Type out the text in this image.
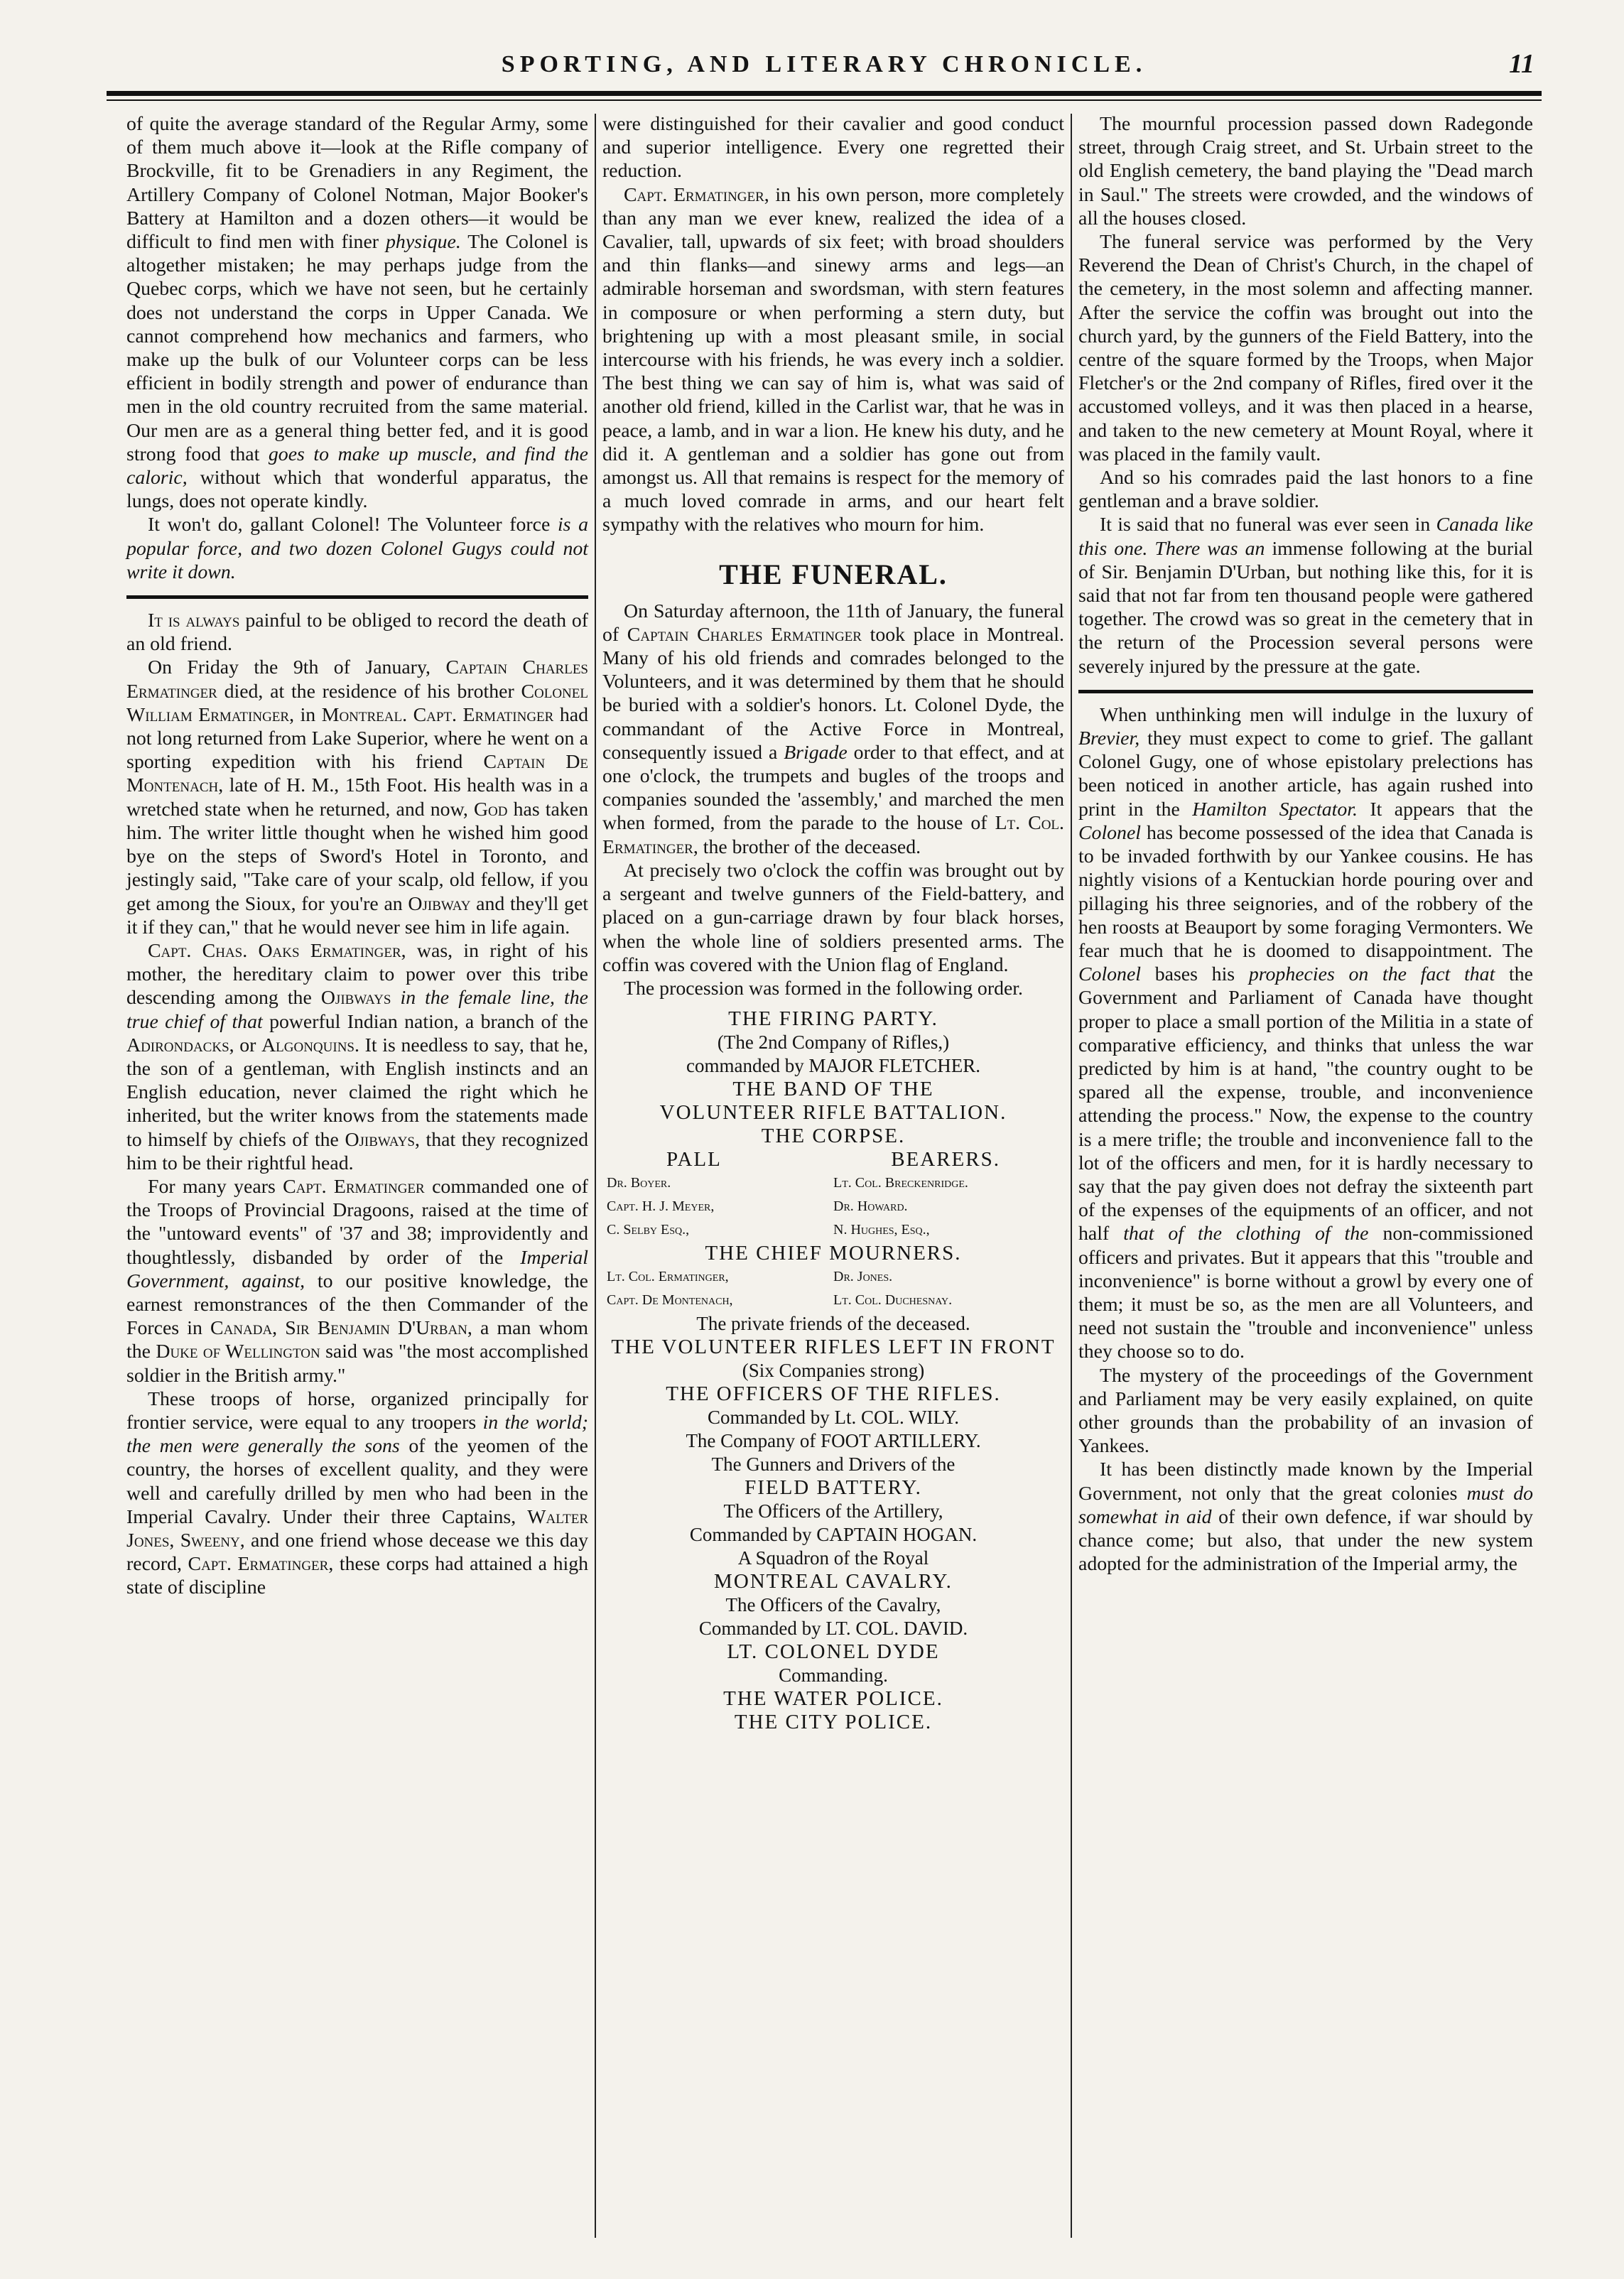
SPORTING, AND LITERARY CHRONICLE.	11

of quite the average standard of the Regular Army, some of them much above it—look at the Rifle company of Brockville, fit to be Grenadiers in any Regiment, the Artillery Company of Colonel Notman, Major Booker's Battery at Hamilton and a dozen others—it would be difficult to find men with finer physique. The Colonel is altogether mistaken; he may perhaps judge from the Quebec corps, which we have not seen, but he certainly does not understand the corps in Upper Canada. We cannot comprehend how mechanics and farmers, who make up the bulk of our Volunteer corps can be less efficient in bodily strength and power of endurance than men in the old country recruited from the same material. Our men are as a general thing better fed, and it is good strong food that goes to make up muscle, and find the caloric, without which that wonderful apparatus, the lungs, does not operate kindly.

It won't do, gallant Colonel! The Volunteer force is a popular force, and two dozen Colonel Gugys could not write it down.

It is always painful to be obliged to record the death of an old friend.

On Friday the 9th of January, Captain Charles Ermatinger died, at the residence of his brother Colonel William Ermatinger, in Montreal. Capt. Ermatinger had not long returned from Lake Superior, where he went on a sporting expedition with his friend Captain De Montenach, late of H. M., 15th Foot. His health was in a wretched state when he returned, and now, God has taken him. The writer little thought when he wished him good bye on the steps of Sword's Hotel in Toronto, and jestingly said, "Take care of your scalp, old fellow, if you get among the Sioux, for you're an Ojibway and they'll get it if they can," that he would never see him in life again.

Capt. Chas. Oaks Ermatinger, was, in right of his mother, the hereditary claim to power over this tribe descending among the Ojibways in the female line, the true chief of that powerful Indian nation, a branch of the Adirondacks, or Algonquins. It is needless to say, that he, the son of a gentleman, with English instincts and an English education, never claimed the right which he inherited, but the writer knows from the statements made to himself by chiefs of the Ojibways, that they recognized him to be their rightful head.

For many years Capt. Ermatinger commanded one of the Troops of Provincial Dragoons, raised at the time of the "untoward events" of '37 and 38; improvidently and thoughtlessly, disbanded by order of the Imperial Government, against, to our positive knowledge, the earnest remonstrances of the then Commander of the Forces in Canada, Sir Benjamin D'Urban, a man whom the Duke of Wellington said was "the most accomplished soldier in the British army."

These troops of horse, organized principally for frontier service, were equal to any troopers in the world; the men were generally the sons of the yeomen of the country, the horses of excellent quality, and they were well and carefully drilled by men who had been in the Imperial Cavalry. Under their three Captains, Walter Jones, Sweeny, and one friend whose decease we this day record, Capt. Ermatinger, these corps had attained a high state of discipline

were distinguished for their cavalier and good conduct and superior intelligence. Every one regretted their reduction.

Capt. Ermatinger, in his own person, more completely than any man we ever knew, realized the idea of a Cavalier, tall, upwards of six feet; with broad shoulders and thin flanks—and sinewy arms and legs—an admirable horseman and swordsman, with stern features in composure or when performing a stern duty, but brightening up with a most pleasant smile, in social intercourse with his friends, he was every inch a soldier. The best thing we can say of him is, what was said of another old friend, killed in the Carlist war, that he was in peace, a lamb, and in war a lion. He knew his duty, and he did it. A gentleman and a soldier has gone out from amongst us. All that remains is respect for the memory of a much loved comrade in arms, and our heart felt sympathy with the relatives who mourn for him.

THE FUNERAL.

On Saturday afternoon, the 11th of January, the funeral of Captain Charles Ermatinger took place in Montreal. Many of his old friends and comrades belonged to the Volunteers, and it was determined by them that he should be buried with a soldier's honors. Lt. Colonel Dyde, the commandant of the Active Force in Montreal, consequently issued a Brigade order to that effect, and at one o'clock, the trumpets and bugles of the troops and companies sounded the 'assembly,' and marched the men when formed, from the parade to the house of Lt. Col. Ermatinger, the brother of the deceased.

At precisely two o'clock the coffin was brought out by a sergeant and twelve gunners of the Field-battery, and placed on a gun-carriage drawn by four black horses, when the whole line of soldiers presented arms. The coffin was covered with the Union flag of England.

The procession was formed in the following order.

THE FIRING PARTY.
(The 2nd Company of Rifles,)
commanded by MAJOR FLETCHER.
THE BAND OF THE
VOLUNTEER RIFLE BATTALION.
THE CORPSE.
PALL	BEARERS.
Dr. Boyer.	Lt. Col. Breckenridge.
Capt. H. J. Meyer,	Dr. Howard.
C. Selby Esq.,	N. Hughes, Esq.,
THE CHIEF MOURNERS.
Lt. Col. Ermatinger,	Dr. Jones.
Capt. De Montenach,	Lt. Col. Duchesnay.
The private friends of the deceased.
THE VOLUNTEER RIFLES LEFT IN FRONT
(Six Companies strong)
THE OFFICERS OF THE RIFLES.
Commanded by Lt. COL. WILY.
The Company of FOOT ARTILLERY.
The Gunners and Drivers of the
FIELD BATTERY.
The Officers of the Artillery,
Commanded by CAPTAIN HOGAN.
A Squadron of the Royal
MONTREAL CAVALRY.
The Officers of the Cavalry,
Commanded by LT. COL. DAVID.
LT. COLONEL DYDE
Commanding.
THE WATER POLICE.
THE CITY POLICE.

The mournful procession passed down Radegonde street, through Craig street, and St. Urbain street to the old English cemetery, the band playing the "Dead march in Saul." The streets were crowded, and the windows of all the houses closed.

The funeral service was performed by the Very Reverend the Dean of Christ's Church, in the chapel of the cemetery, in the most solemn and affecting manner. After the service the coffin was brought out into the church yard, by the gunners of the Field Battery, into the centre of the square formed by the Troops, when Major Fletcher's or the 2nd company of Rifles, fired over it the accustomed volleys, and it was then placed in a hearse, and taken to the new cemetery at Mount Royal, where it was placed in the family vault.

And so his comrades paid the last honors to a fine gentleman and a brave soldier.

It is said that no funeral was ever seen in Canada like this one. There was an immense following at the burial of Sir. Benjamin D'Urban, but nothing like this, for it is said that not far from ten thousand people were gathered together. The crowd was so great in the cemetery that in the return of the Procession several persons were severely injured by the pressure at the gate.

When unthinking men will indulge in the luxury of Brevier, they must expect to come to grief. The gallant Colonel Gugy, one of whose epistolary prelections has been noticed in another article, has again rushed into print in the Hamilton Spectator. It appears that the Colonel has become possessed of the idea that Canada is to be invaded forthwith by our Yankee cousins. He has nightly visions of a Kentuckian horde pouring over and pillaging his three seignories, and of the robbery of the hen roosts at Beauport by some foraging Vermonters. We fear much that he is doomed to disappointment. The Colonel bases his prophecies on the fact that the Government and Parliament of Canada have thought proper to place a small portion of the Militia in a state of comparative efficiency, and thinks that unless the war predicted by him is at hand, "the country ought to be spared all the expense, trouble, and inconvenience attending the process." Now, the expense to the country is a mere trifle; the trouble and inconvenience fall to the lot of the officers and men, for it is hardly necessary to say that the pay given does not defray the sixteenth part of the expenses of the equipments of an officer, and not half that of the clothing of the non-commissioned officers and privates. But it appears that this "trouble and inconvenience" is borne without a growl by every one of them; it must be so, as the men are all Volunteers, and need not sustain the "trouble and inconvenience" unless they choose so to do.

The mystery of the proceedings of the Government and Parliament may be very easily explained, on quite other grounds than the probability of an invasion of Yankees.

It has been distinctly made known by the Imperial Government, not only that the great colonies must do somewhat in aid of their own defence, if war should by chance come; but also, that under the new system adopted for the administration of the Imperial army, the
